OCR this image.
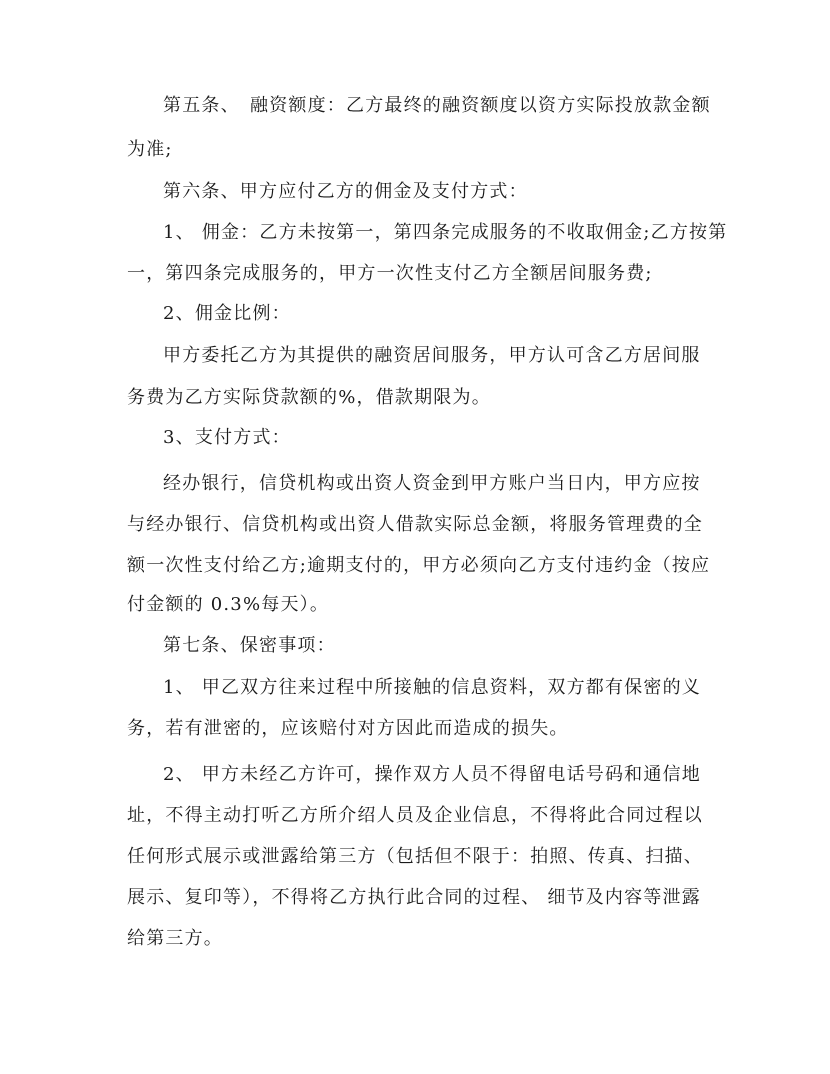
第五条、　融资额度：乙方最终的融资额度以资方实际投放款金额
为准;
第六条、甲方应付乙方的佣金及支付方式：
1、 佣金：乙方未按第一，第四条完成服务的不收取佣金;乙方按第
一，第四条完成服务的，甲方一次性支付乙方全额居间服务费;
2、佣金比例：
甲方委托乙方为其提供的融资居间服务，甲方认可含乙方居间服
务费为乙方实际贷款额的%，借款期限为。
3、支付方式：
经办银行，信贷机构或出资人资金到甲方账户当日内，甲方应按
与经办银行、信贷机构或出资人借款实际总金额，将服务管理费的全
额一次性支付给乙方;逾期支付的，甲方必须向乙方支付违约金（按应
付金额的 0.3%每天）。
第七条、保密事项：
1、 甲乙双方往来过程中所接触的信息资料，双方都有保密的义
务，若有泄密的，应该赔付对方因此而造成的损失。
2、 甲方未经乙方许可，操作双方人员不得留电话号码和通信地
址，不得主动打听乙方所介绍人员及企业信息，不得将此合同过程以
任何形式展示或泄露给第三方（包括但不限于：拍照、传真、扫描、
展示、复印等），不得将乙方执行此合同的过程、 细节及内容等泄露
给第三方。
